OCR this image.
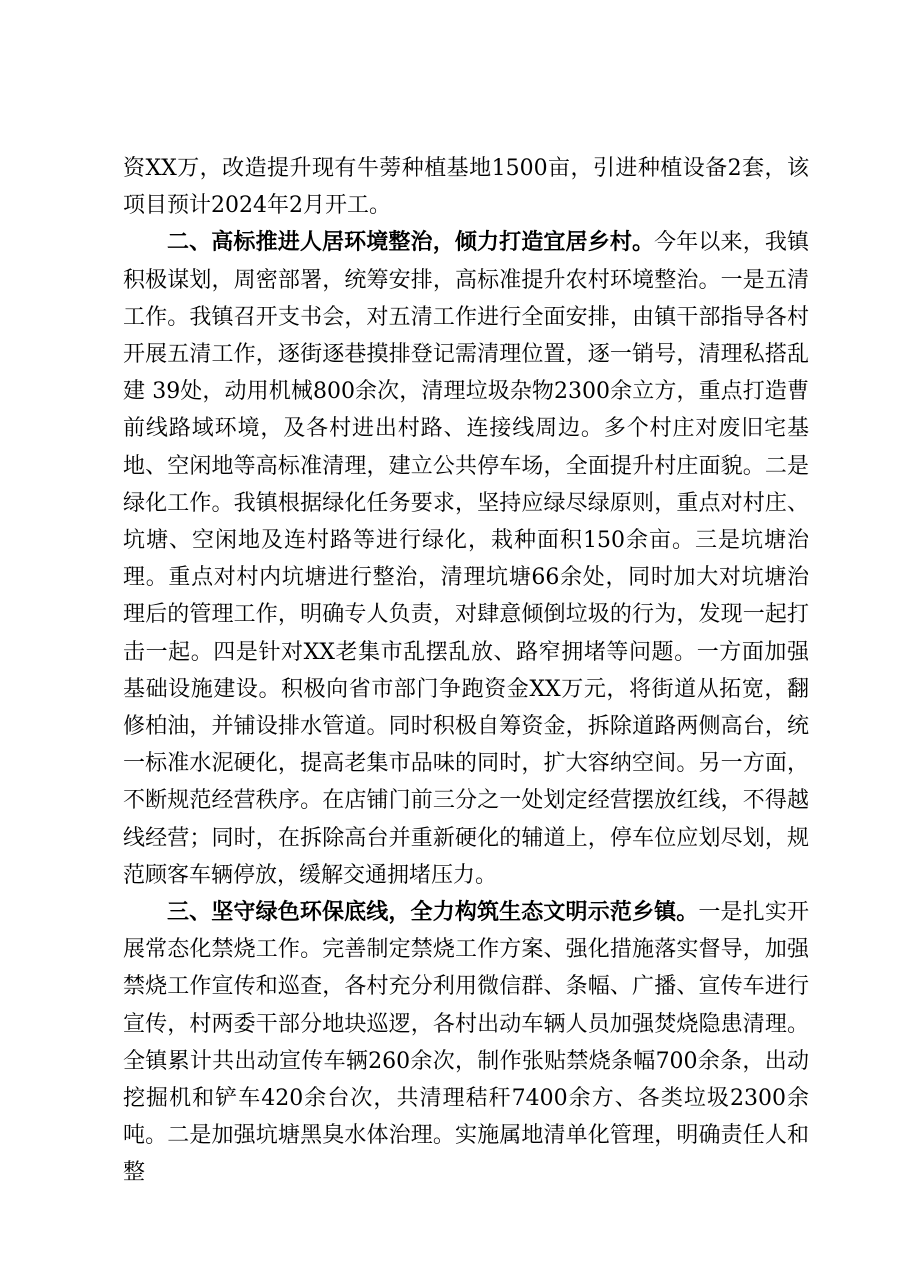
资XX万，改造提升现有牛蒡种植基地1500亩，引进种植设备2套，该项目预计2024年2月开工。

二、高标推进人居环境整治，倾力打造宜居乡村。今年以来，我镇积极谋划，周密部署，统筹安排，高标准提升农村环境整治。一是五清工作。我镇召开支书会，对五清工作进行全面安排，由镇干部指导各村开展五清工作，逐街逐巷摸排登记需清理位置，逐一销号，清理私搭乱建 39处，动用机械800余次，清理垃圾杂物2300余立方，重点打造曹前线路域环境，及各村进出村路、连接线周边。多个村庄对废旧宅基地、空闲地等高标准清理，建立公共停车场，全面提升村庄面貌。二是绿化工作。我镇根据绿化任务要求，坚持应绿尽绿原则，重点对村庄、坑塘、空闲地及连村路等进行绿化，栽种面积150余亩。三是坑塘治理。重点对村内坑塘进行整治，清理坑塘66余处，同时加大对坑塘治理后的管理工作，明确专人负责，对肆意倾倒垃圾的行为，发现一起打击一起。四是针对XX老集市乱摆乱放、路窄拥堵等问题。一方面加强基础设施建设。积极向省市部门争跑资金XX万元，将街道从拓宽，翻修柏油，并铺设排水管道。同时积极自筹资金，拆除道路两侧高台，统一标准水泥硬化，提高老集市品味的同时，扩大容纳空间。另一方面，不断规范经营秩序。在店铺门前三分之一处划定经营摆放红线，不得越线经营；同时，在拆除高台并重新硬化的辅道上，停车位应划尽划，规范顾客车辆停放，缓解交通拥堵压力。

三、坚守绿色环保底线，全力构筑生态文明示范乡镇。一是扎实开展常态化禁烧工作。完善制定禁烧工作方案、强化措施落实督导，加强禁烧工作宣传和巡查，各村充分利用微信群、条幅、广播、宣传车进行宣传，村两委干部分地块巡逻，各村出动车辆人员加强焚烧隐患清理。全镇累计共出动宣传车辆260余次，制作张贴禁烧条幅700余条，出动挖掘机和铲车420余台次，共清理秸秆7400余方、各类垃圾2300余吨。二是加强坑塘黑臭水体治理。实施属地清单化管理，明确责任人和整
